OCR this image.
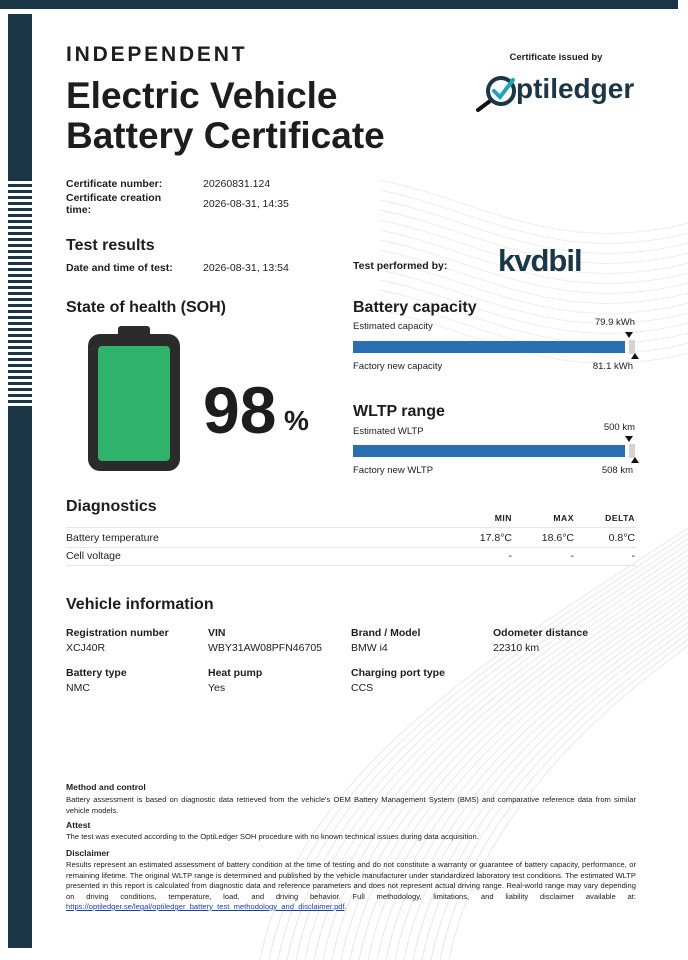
INDEPENDENT
Electric Vehicle Battery Certificate
Certificate issued by
ptiledger
Certificate number:	20260831.124
Certificate creation time:	2026-08-31, 14:35
Test results
Date and time of test:	2026-08-31, 13:54	Test performed by: kvdbil
State of health (SOH)
98 %
Battery capacity
Estimated capacity	79.9 kWh
Factory new capacity	81.1 kWh
WLTP range
Estimated WLTP	500 km
Factory new WLTP	508 km
Diagnostics
MIN	MAX	DELTA
Battery temperature	17.8°C	18.6°C	0.8°C
Cell voltage	-	-	-
Vehicle information
Registration number
XCJ40R
VIN
WBY31AW08PFN46705
Brand / Model
BMW i4
Odometer distance
22310 km
Battery type
NMC
Heat pump
Yes
Charging port type
CCS
Method and control
Battery assessment is based on diagnostic data retrieved from the vehicle's OEM Battery Management System (BMS) and comparative reference data from similar vehicle models.
Attest
The test was executed according to the OptiLedger SOH procedure with no known technical issues during data acquisition.
Disclaimer
Results represent an estimated assessment of battery condition at the time of testing and do not constitute a warranty or guarantee of battery capacity, performance, or remaining lifetime. The original WLTP range is determined and published by the vehicle manufacturer under standardized laboratory test conditions. The estimated WLTP presented in this report is calculated from diagnostic data and reference parameters and does not represent actual driving range. Real-world range may vary depending on driving conditions, temperature, load, and driving behavior. Full methodology, limitations, and liability disclaimer available at: https://optiledger.se/legal/optiledger_battery_test_methodology_and_disclaimer.pdf.
